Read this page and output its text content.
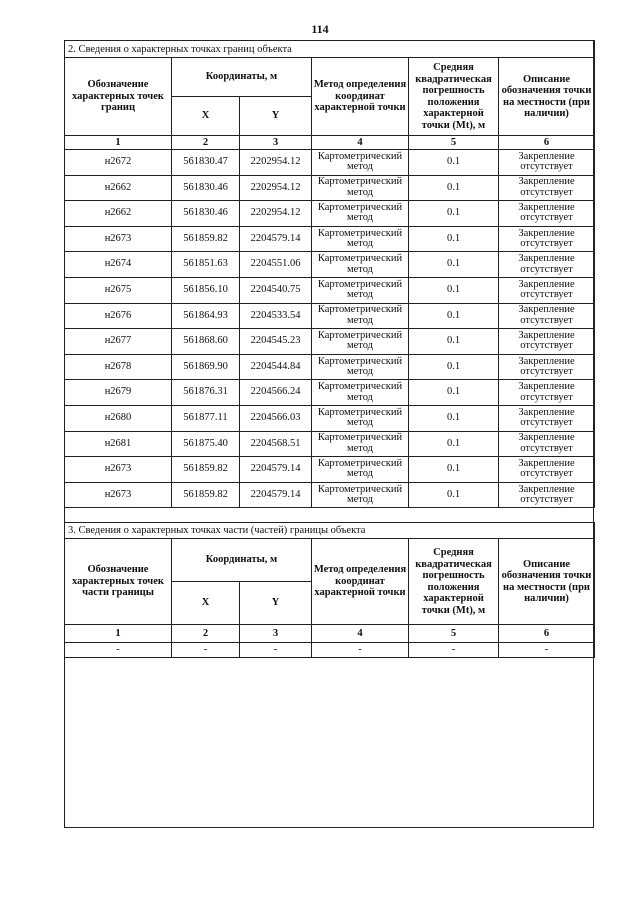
114
2. Сведения о характерных точках границ объекта					
Обозначение характерных точек границ	Координаты, м		Метод определения координат характерной точки	Средняя квадратическая погрешность положения характерной точки (Mt), м	Описание обозначения точки на местности (при наличии)
	X	Y			
1	2	3	4	5	6
н2672	561830.47	2202954.12	Картометрический метод	0.1	Закрепление отсутствует
н2662	561830.46	2202954.12	Картометрический метод	0.1	Закрепление отсутствует
н2662	561830.46	2202954.12	Картометрический метод	0.1	Закрепление отсутствует
н2673	561859.82	2204579.14	Картометрический метод	0.1	Закрепление отсутствует
н2674	561851.63	2204551.06	Картометрический метод	0.1	Закрепление отсутствует
н2675	561856.10	2204540.75	Картометрический метод	0.1	Закрепление отсутствует
н2676	561864.93	2204533.54	Картометрический метод	0.1	Закрепление отсутствует
н2677	561868.60	2204545.23	Картометрический метод	0.1	Закрепление отсутствует
н2678	561869.90	2204544.84	Картометрический метод	0.1	Закрепление отсутствует
н2679	561876.31	2204566.24	Картометрический метод	0.1	Закрепление отсутствует
н2680	561877.11	2204566.03	Картометрический метод	0.1	Закрепление отсутствует
н2681	561875.40	2204568.51	Картометрический метод	0.1	Закрепление отсутствует
н2673	561859.82	2204579.14	Картометрический метод	0.1	Закрепление отсутствует
н2673	561859.82	2204579.14	Картометрический метод	0.1	Закрепление отсутствует
3. Сведения о характерных точках части (частей) границы объекта					
Обозначение характерных точек части границы	Координаты, м		Метод определения координат характерной точки	Средняя квадратическая погрешность положения характерной точки (Mt), м	Описание обозначения точки на местности (при наличии)
	X	Y			
1	2	3	4	5	6
-	-	-	-	-	-
